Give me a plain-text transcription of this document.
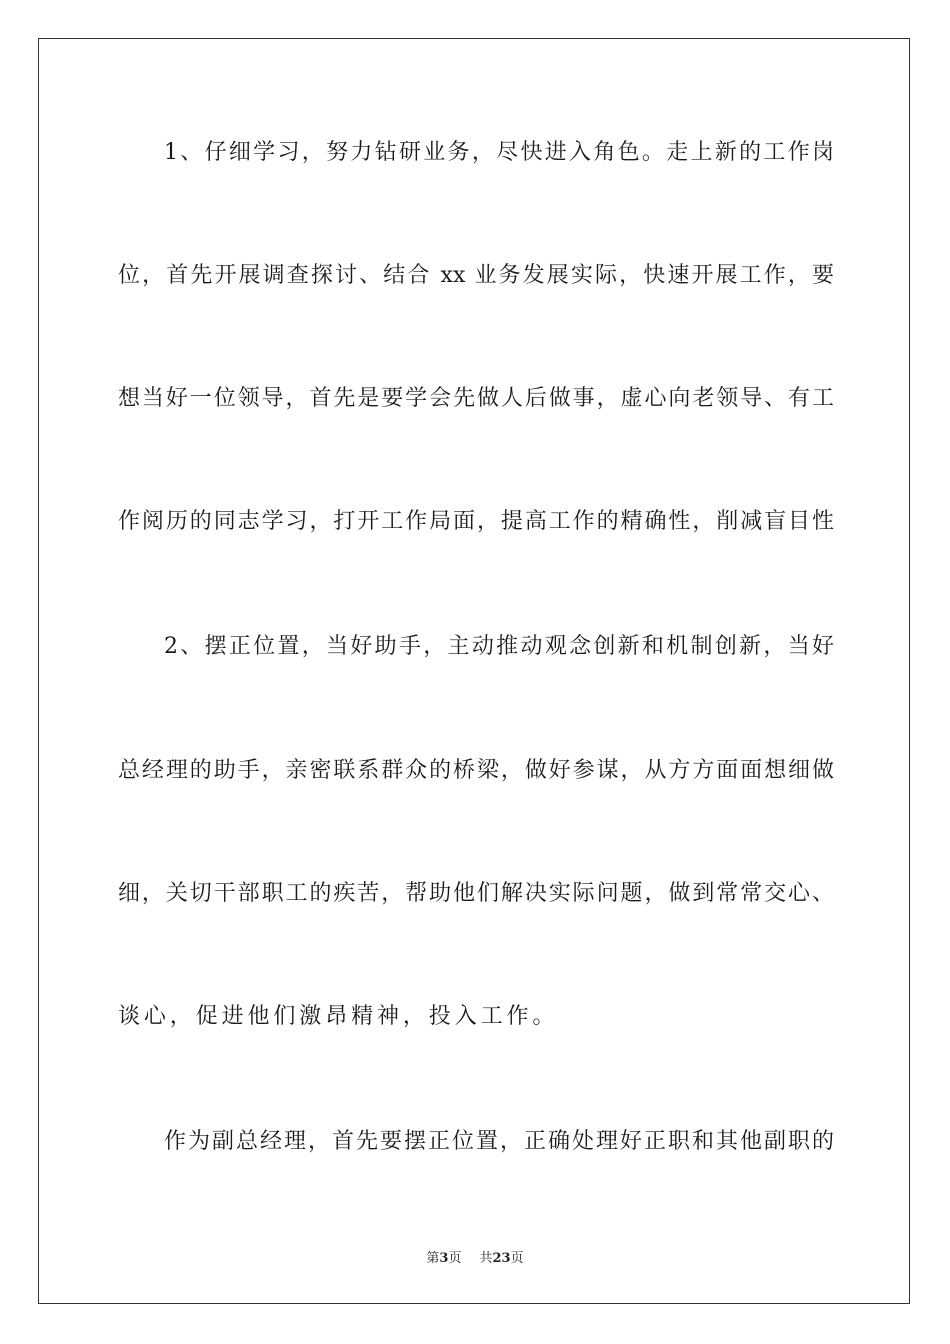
1、仔细学习，努力钻研业务，尽快进入角色。走上新的工作岗
位，首先开展调查探讨、结合 xx 业务发展实际，快速开展工作，要
想当好一位领导，首先是要学会先做人后做事，虚心向老领导、有工
作阅历的同志学习，打开工作局面，提高工作的精确性，削减盲目性
2、摆正位置，当好助手，主动推动观念创新和机制创新，当好
总经理的助手，亲密联系群众的桥梁，做好参谋，从方方面面想细做
细，关切干部职工的疾苦，帮助他们解决实际问题，做到常常交心、
谈心，促进他们激昂精神，投入工作。
作为副总经理，首先要摆正位置，正确处理好正职和其他副职的
第3页 共23页
